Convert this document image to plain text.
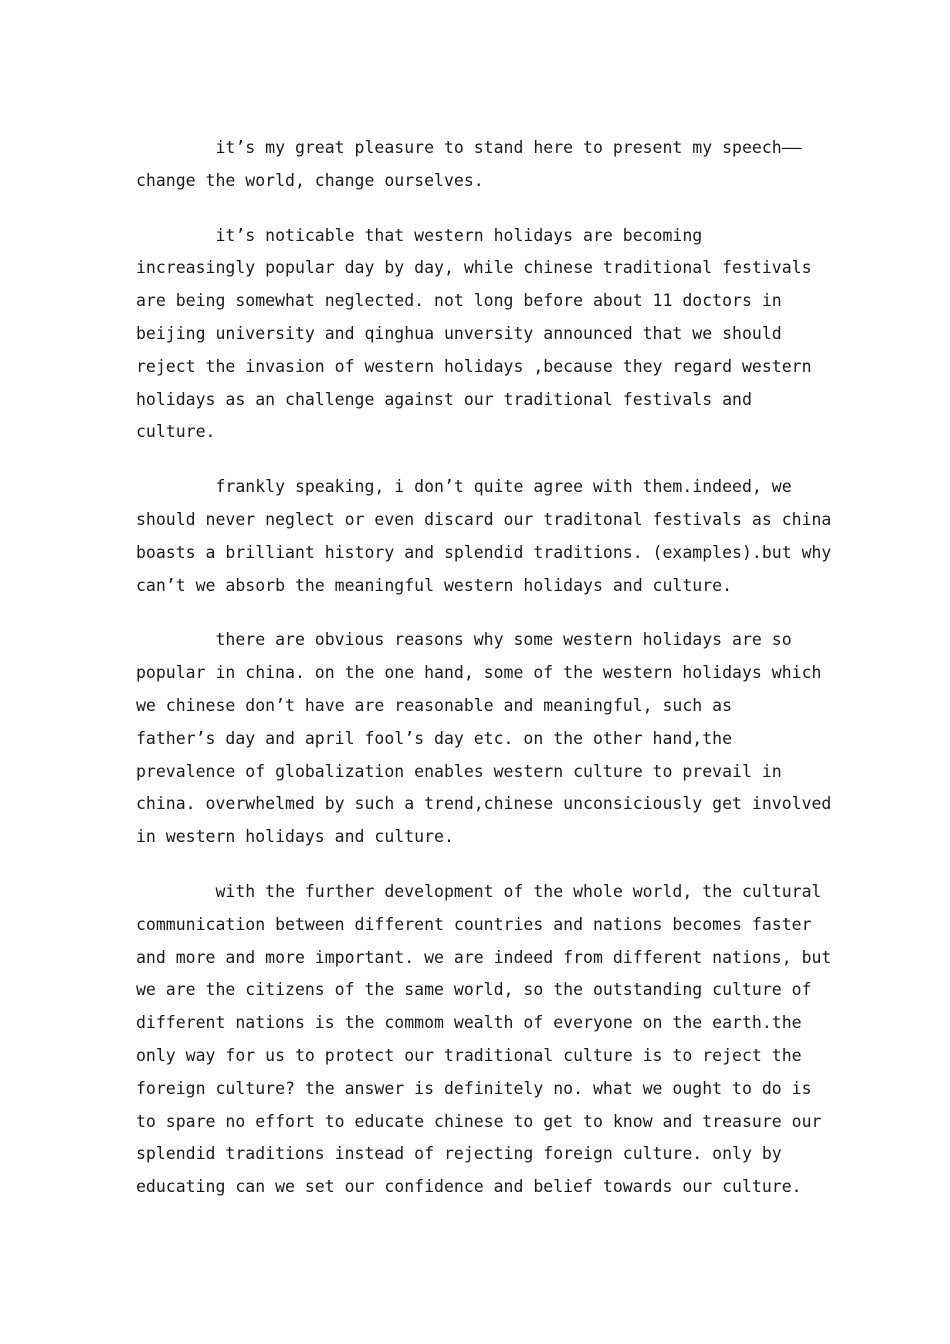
it’s my great pleasure to stand here to present my speech——
change the world, change ourselves.

it’s noticable that western holidays are becoming
increasingly popular day by day, while chinese traditional festivals
are being somewhat neglected. not long before about 11 doctors in
beijing university and qinghua unversity announced that we should
reject the invasion of western holidays ,because they regard western
holidays as an challenge against our traditional festivals and
culture.

frankly speaking, i don’t quite agree with them.indeed, we
should never neglect or even discard our traditonal festivals as china
boasts a brilliant history and splendid traditions. (examples).but why
can’t we absorb the meaningful western holidays and culture.

there are obvious reasons why some western holidays are so
popular in china. on the one hand, some of the western holidays which
we chinese don’t have are reasonable and meaningful, such as
father’s day and april fool’s day etc. on the other hand,the
prevalence of globalization enables western culture to prevail in
china. overwhelmed by such a trend,chinese unconsiciously get involved
in western holidays and culture.

with the further development of the whole world, the cultural
communication between different countries and nations becomes faster
and more and more important. we are indeed from different nations, but
we are the citizens of the same world, so the outstanding culture of
different nations is the commom wealth of everyone on the earth.the
only way for us to protect our traditional culture is to reject the
foreign culture? the answer is definitely no. what we ought to do is
to spare no effort to educate chinese to get to know and treasure our
splendid traditions instead of rejecting foreign culture. only by
educating can we set our confidence and belief towards our culture.
